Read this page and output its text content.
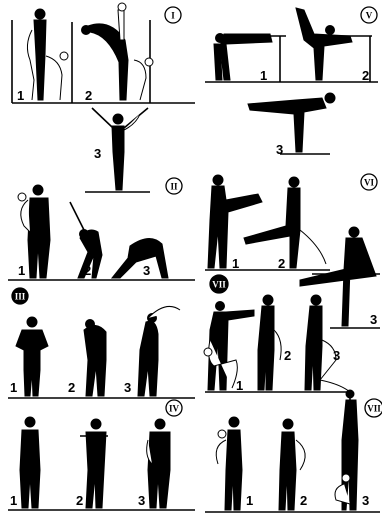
I
1	2
3
II
1	2	3
III
1	2	3
IV
1	2	3
V
1	2
3
VI
1	2
3
VII
1
2	3
VII
1	2	3
